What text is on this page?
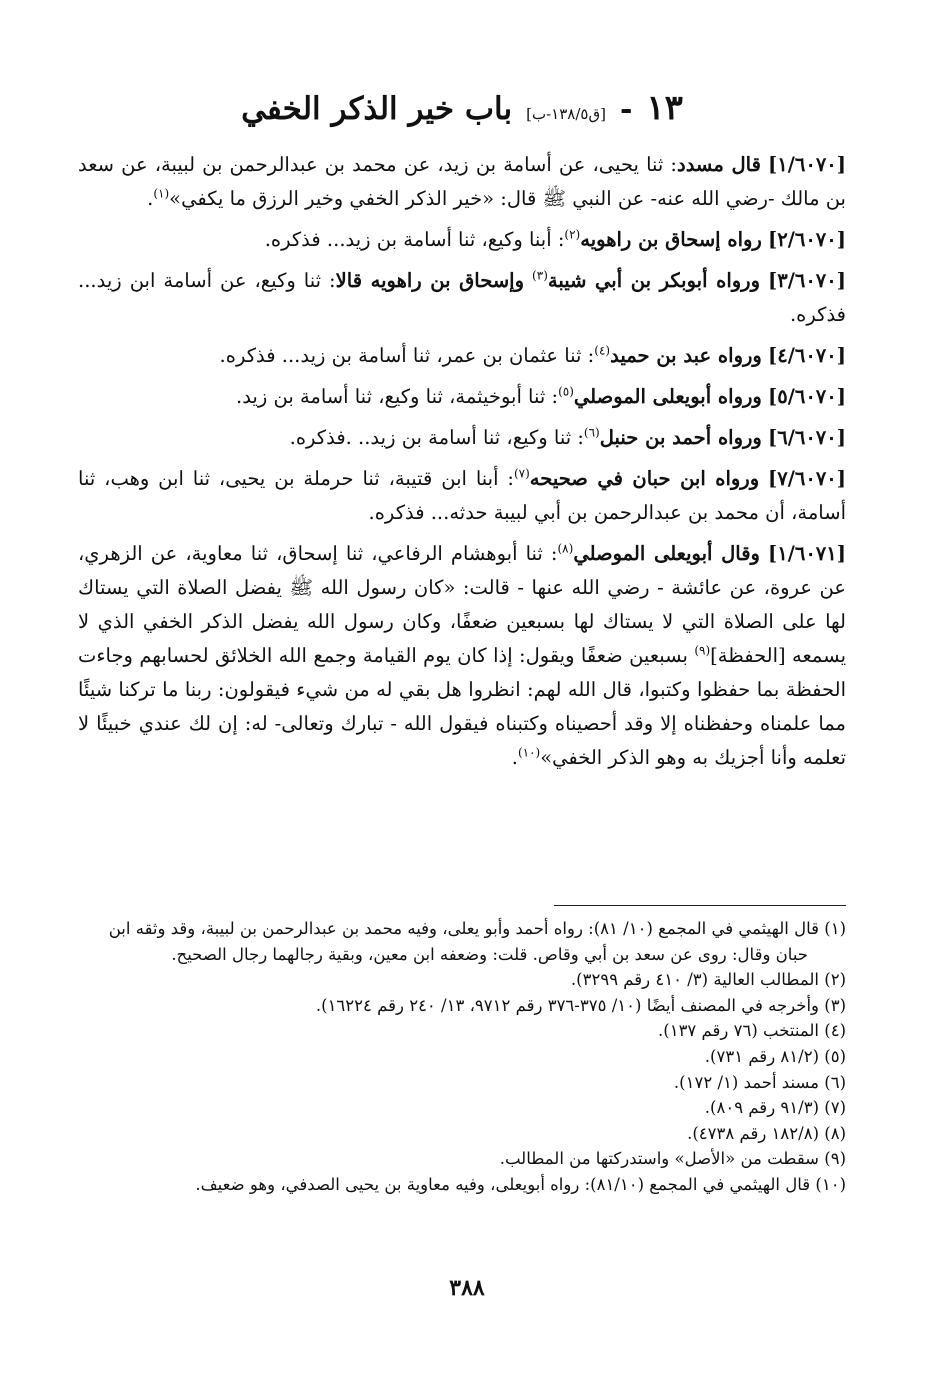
١٣
-
[ق١٣٨/٥-ب]
باب خير الذكر الخفي

[١/٦٠٧٠] قال مسدد: ثنا يحيى، عن أسامة بن زيد، عن محمد بن عبدالرحمن بن لبيبة، عن سعد بن مالك -رضي الله عنه- عن النبي ﷺ قال: «خير الذكر الخفي وخير الرزق ما يكفي»$^{(١)}$.

[٢/٦٠٧٠] رواه إسحاق بن راهويه$^{(٢)}$: أبنا وكيع، ثنا أسامة بن زيد... فذكره.

[٣/٦٠٧٠] ورواه أبوبكر بن أبي شيبة$^{(٣)}$ وإسحاق بن راهويه قالا: ثنا وكيع، عن أسامة ابن زيد... فذكره.

[٤/٦٠٧٠] ورواه عبد بن حميد$^{(٤)}$: ثنا عثمان بن عمر، ثنا أسامة بن زيد... فذكره.

[٥/٦٠٧٠] ورواه أبويعلى الموصلي$^{(٥)}$: ثنا أبوخيثمة، ثنا وكيع، ثنا أسامة بن زيد.

[٦/٦٠٧٠] ورواه أحمد بن حنبل$^{(٦)}$: ثنا وكيع، ثنا أسامة بن زيد.. .فذكره.

[٧/٦٠٧٠] ورواه ابن حبان في صحيحه$^{(٧)}$: أبنا ابن قتيبة، ثنا حرملة بن يحيى، ثنا ابن وهب، ثنا أسامة، أن محمد بن عبدالرحمن بن أبي لبيبة حدثه... فذكره.

[١/٦٠٧١] وقال أبويعلى الموصلي$^{(٨)}$: ثنا أبوهشام الرفاعي، ثنا إسحاق، ثنا معاوية، عن الزهري، عن عروة، عن عائشة - رضي الله عنها - قالت: «كان رسول الله ﷺ يفضل الصلاة التي يستاك لها على الصلاة التي لا يستاك لها بسبعين ضعفًا، وكان رسول الله يفضل الذكر الخفي الذي لا يسمعه [الحفظة]$^{(٩)}$ بسبعين ضعفًا ويقول: إذا كان يوم القيامة وجمع الله الخلائق لحسابهم وجاءت الحفظة بما حفظوا وكتبوا، قال الله لهم: انظروا هل بقي له من شيء فيقولون: ربنا ما تركنا شيئًا مما علمناه وحفظناه إلا وقد أحصيناه وكتبناه فيقول الله - تبارك وتعالى- له: إن لك عندي خبيئًا لا تعلمه وأنا أجزيك به وهو الذكر الخفي»$^{(١٠)}$.

(١) قال الهيثمي في المجمع (١٠/ ٨١): رواه أحمد وأبو يعلى، وفيه محمد بن عبدالرحمن بن لبيبة، وقد وثقه ابن

حبان وقال: روى عن سعد بن أبي وقاص. قلت: وضعفه ابن معين، وبقية رجالهما رجال الصحيح.

(٢) المطالب العالية (٣/ ٤١٠ رقم ٣٢٩٩).

(٣) وأخرجه في المصنف أيضًا (١٠/ ٣٧٥-٣٧٦ رقم ٩٧١٢، ١٣/ ٢٤٠ رقم ١٦٢٢٤).

(٤) المنتخب (٧٦ رقم ١٣٧).

(٥) (٨١/٢ رقم ٧٣١).

(٦) مسند أحمد (١/ ١٧٢).

(٧) (٩١/٣ رقم ٨٠٩).

(٨) (١٨٢/٨ رقم ٤٧٣٨).

(٩) سقطت من «الأصل» واستدركتها من المطالب.

(١٠) قال الهيثمي في المجمع (٨١/١٠): رواه أبويعلى، وفيه معاوية بن يحيى الصدفي، وهو ضعيف.

٣٨٨
